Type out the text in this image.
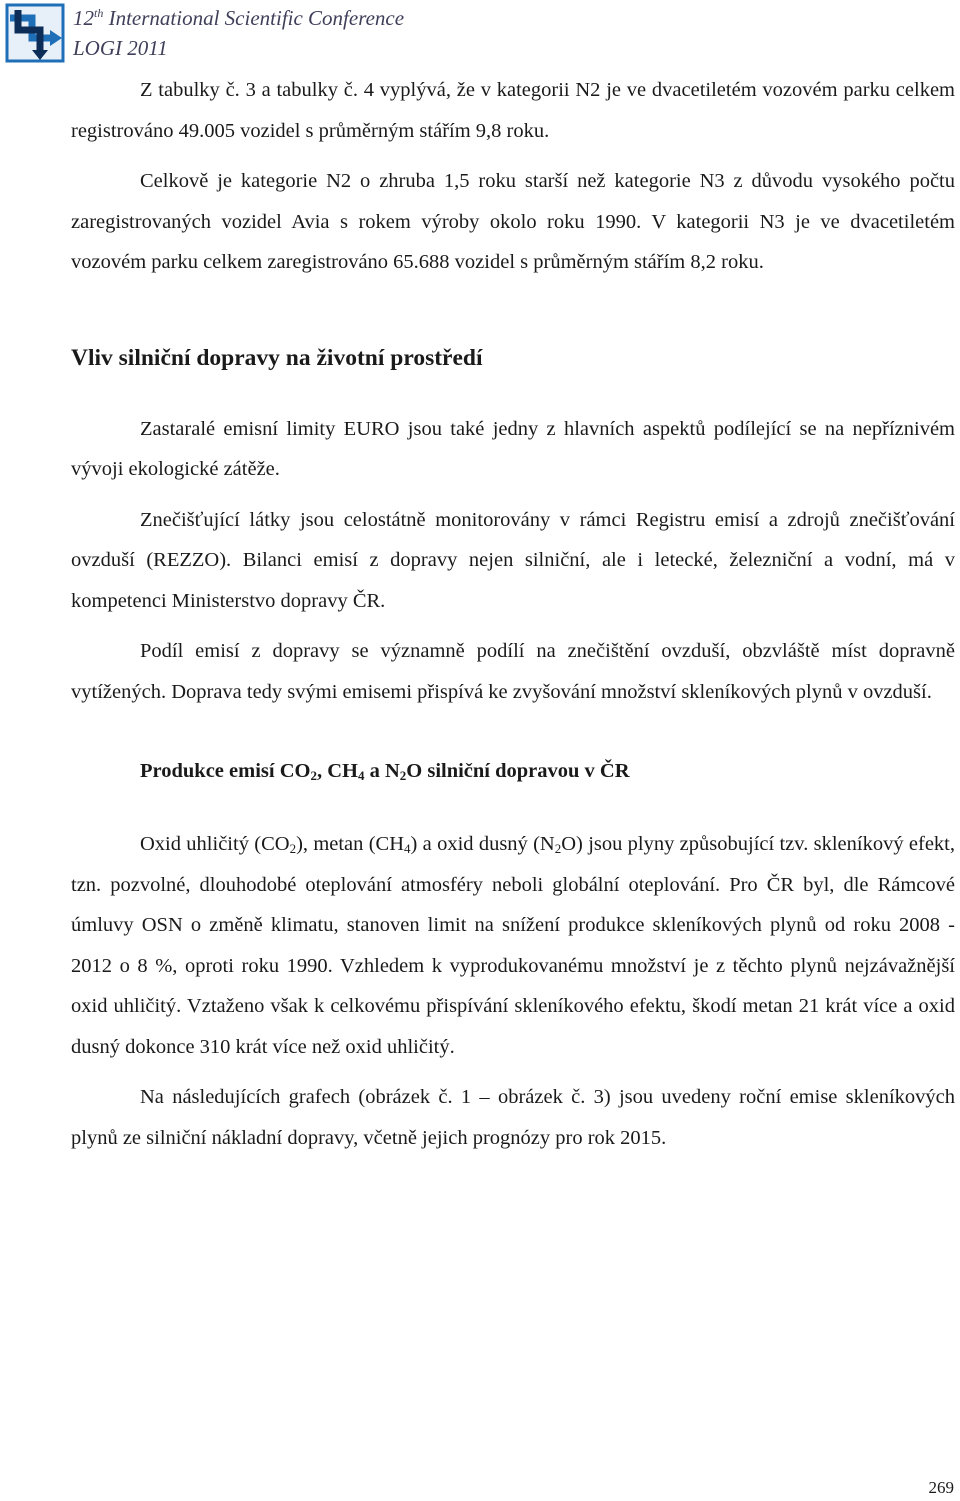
12th International Scientific Conference

LOGI 2011

Z tabulky č. 3 a tabulky č. 4 vyplývá, že v kategorii N2 je ve dvacetiletém vozovém parku celkem registrováno 49.005 vozidel s průměrným stářím 9,8 roku.

Celkově je kategorie N2 o zhruba 1,5 roku starší než kategorie N3 z důvodu vysokého počtu zaregistrovaných vozidel Avia s rokem výroby okolo roku 1990. V kategorii N3 je ve dvacetiletém vozovém parku celkem zaregistrováno 65.688 vozidel s průměrným stářím 8,2 roku.

Vliv silniční dopravy na životní prostředí

Zastaralé emisní limity EURO jsou také jedny z hlavních aspektů podílející se na nepříznivém vývoji ekologické zátěže.

Znečišťující látky jsou celostátně monitorovány v rámci Registru emisí a zdrojů znečišťování ovzduší (REZZO). Bilanci emisí z dopravy nejen silniční, ale i letecké, železniční a vodní, má v kompetenci Ministerstvo dopravy ČR.

Podíl emisí z dopravy se významně podílí na znečištění ovzduší, obzvláště míst dopravně vytížených. Doprava tedy svými emisemi přispívá ke zvyšování množství skleníkových plynů v ovzduší.

Produkce emisí $CO_2$, $CH_4$ a $N_2O$ silniční dopravou v ČR

Oxid uhličitý $(CO_2)$, metan $(CH_4)$ a oxid dusný $(N_2O)$ jsou plyny způsobující tzv. skleníkový efekt, tzn. pozvolné, dlouhodobé oteplování atmosféry neboli globální oteplování. Pro ČR byl, dle Rámcové úmluvy OSN o změně klimatu, stanoven limit na snížení produkce skleníkových plynů od roku 2008 - 2012 o 8 %, oproti roku 1990. Vzhledem k vyprodukovanému množství je z těchto plynů nejzávažnější oxid uhličitý. Vztaženo však k celkovému přispívání skleníkového efektu, škodí metan 21 krát více a oxid dusný dokonce 310 krát více než oxid uhličitý.

Na následujících grafech (obrázek č. 1 – obrázek č. 3) jsou uvedeny roční emise skleníkových plynů ze silniční nákladní dopravy, včetně jejich prognózy pro rok 2015.

269
